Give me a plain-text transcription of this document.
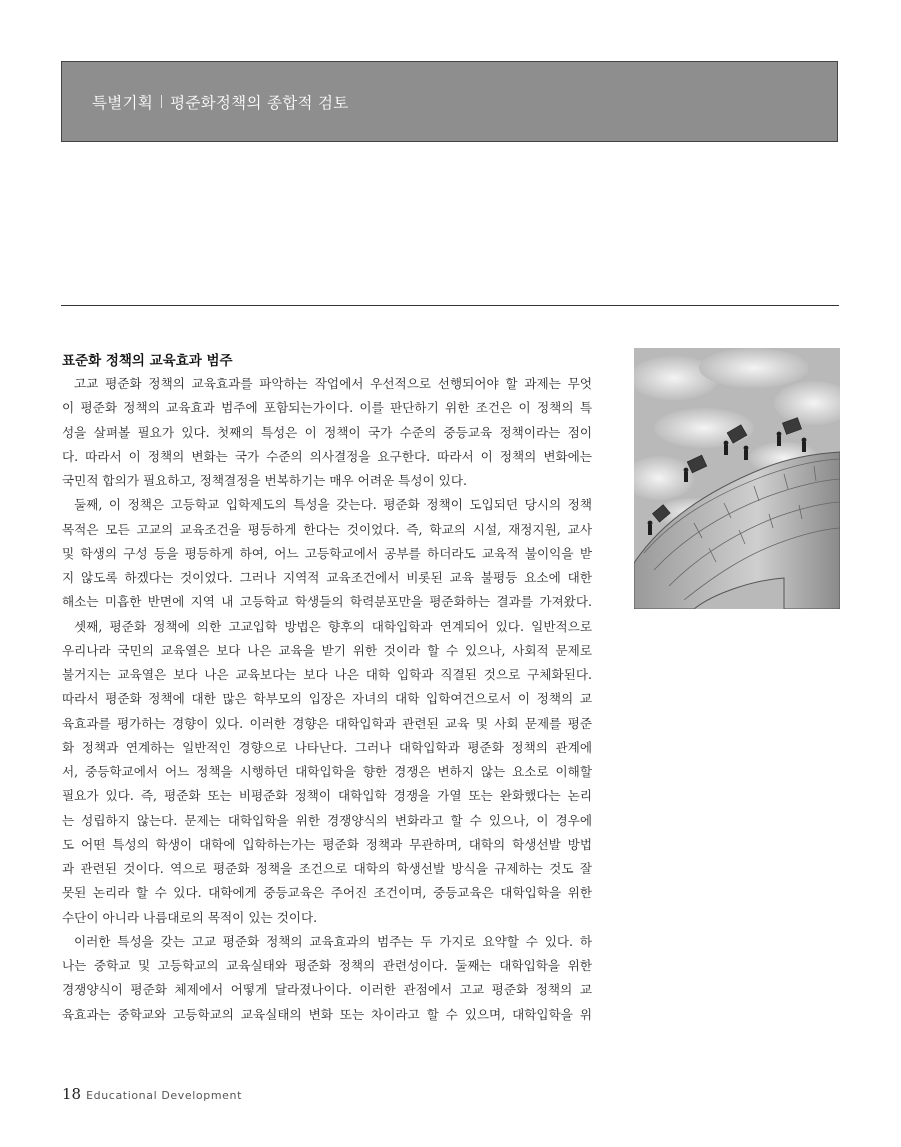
특별기획 평준화정책의 종합적 검토
표준화 정책의 교육효과 범주
고교 평준화 정책의 교육효과를 파악하는 작업에서 우선적으로 선행되어야 할 과제는 무엇
이 평준화 정책의 교육효과 범주에 포함되는가이다. 이를 판단하기 위한 조건은 이 정책의 특
성을 살펴볼 필요가 있다. 첫째의 특성은 이 정책이 국가 수준의 중등교육 정책이라는 점이
다. 따라서 이 정책의 변화는 국가 수준의 의사결정을 요구한다. 따라서 이 정책의 변화에는
국민적 합의가 필요하고, 정책결정을 번복하기는 매우 어려운 특성이 있다.
둘째, 이 정책은 고등학교 입학제도의 특성을 갖는다. 평준화 정책이 도입되던 당시의 정책
목적은 모든 고교의 교육조건을 평등하게 한다는 것이었다. 즉, 학교의 시설, 재정지원, 교사
및 학생의 구성 등을 평등하게 하여, 어느 고등학교에서 공부를 하더라도 교육적 불이익을 받
지 않도록 하겠다는 것이었다. 그러나 지역적 교육조건에서 비롯된 교육 불평등 요소에 대한
해소는 미흡한 반면에 지역 내 고등학교 학생들의 학력분포만을 평준화하는 결과를 가져왔다.
셋째, 평준화 정책에 의한 고교입학 방법은 향후의 대학입학과 연계되어 있다. 일반적으로
우리나라 국민의 교육열은 보다 나은 교육을 받기 위한 것이라 할 수 있으나, 사회적 문제로
불거지는 교육열은 보다 나은 교육보다는 보다 나은 대학 입학과 직결된 것으로 구체화된다.
따라서 평준화 정책에 대한 많은 학부모의 입장은 자녀의 대학 입학여건으로서 이 정책의 교
육효과를 평가하는 경향이 있다. 이러한 경향은 대학입학과 관련된 교육 및 사회 문제를 평준
화 정책과 연계하는 일반적인 경향으로 나타난다. 그러나 대학입학과 평준화 정책의 관계에
서, 중등학교에서 어느 정책을 시행하던 대학입학을 향한 경쟁은 변하지 않는 요소로 이해할
필요가 있다. 즉, 평준화 또는 비평준화 정책이 대학입학 경쟁을 가열 또는 완화했다는 논리
는 성립하지 않는다. 문제는 대학입학을 위한 경쟁양식의 변화라고 할 수 있으나, 이 경우에
도 어떤 특성의 학생이 대학에 입학하는가는 평준화 정책과 무관하며, 대학의 학생선발 방법
과 관련된 것이다. 역으로 평준화 정책을 조건으로 대학의 학생선발 방식을 규제하는 것도 잘
못된 논리라 할 수 있다. 대학에게 중등교육은 주어진 조건이며, 중등교육은 대학입학을 위한
수단이 아니라 나름대로의 목적이 있는 것이다.
이러한 특성을 갖는 고교 평준화 정책의 교육효과의 범주는 두 가지로 요약할 수 있다. 하
나는 중학교 및 고등학교의 교육실태와 평준화 정책의 관련성이다. 둘째는 대학입학을 위한
경쟁양식이 평준화 체제에서 어떻게 달라졌나이다. 이러한 관점에서 고교 평준화 정책의 교
육효과는 중학교와 고등학교의 교육실태의 변화 또는 차이라고 할 수 있으며, 대학입학을 위
18 Educational Development
